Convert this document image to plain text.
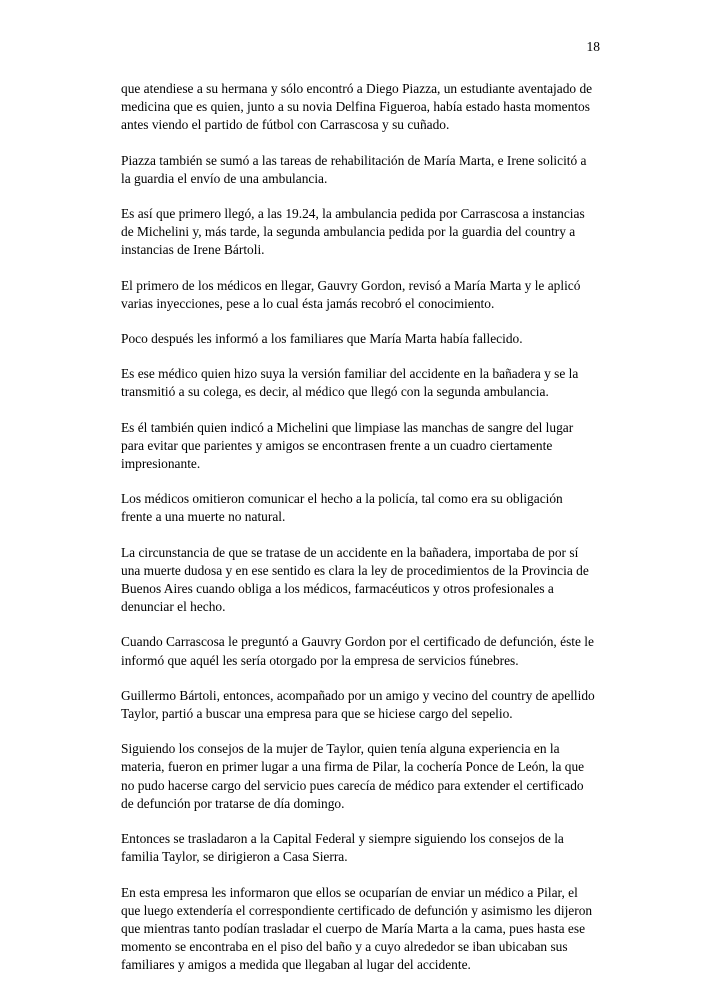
18

que atendiese a su hermana y sólo encontró a Diego Piazza, un estudiante aventajado de
medicina que es quien, junto a su novia Delfina Figueroa, había estado hasta momentos
antes viendo el partido de fútbol con Carrascosa y su cuñado.

Piazza también se sumó a las tareas de rehabilitación de María Marta, e Irene solicitó a
la guardia el envío de una ambulancia.

Es así que primero llegó, a las 19.24, la ambulancia pedida por Carrascosa a instancias
de Michelini y, más tarde, la segunda ambulancia pedida por la guardia del country a
instancias de Irene Bártoli.

El primero de los médicos en llegar, Gauvry Gordon, revisó a María Marta y le aplicó
varias inyecciones, pese a lo cual ésta jamás recobró el conocimiento.

Poco después les informó a los familiares que María Marta había fallecido.

Es ese médico quien hizo suya la versión familiar del accidente en la bañadera y se la
transmitió a su colega, es decir, al médico que llegó con la segunda ambulancia.

Es él también quien indicó a Michelini que limpiase las manchas de sangre del lugar
para evitar que parientes y amigos se encontrasen frente a un cuadro ciertamente
impresionante.

Los médicos omitieron comunicar el hecho a la policía, tal como era su obligación
frente a una muerte no natural.

La circunstancia de que se tratase de un accidente en la bañadera, importaba de por sí
una muerte dudosa y en ese sentido es clara la ley de procedimientos de la Provincia de
Buenos Aires cuando obliga a los médicos, farmacéuticos y otros profesionales a
denunciar el hecho.

Cuando Carrascosa le preguntó a Gauvry Gordon por el certificado de defunción, éste le
informó que aquél les sería otorgado por la empresa de servicios fúnebres.

Guillermo Bártoli, entonces, acompañado por un amigo y vecino del country de apellido
Taylor, partió a buscar una empresa para que se hiciese cargo del sepelio.

Siguiendo los consejos de la mujer de Taylor, quien tenía alguna experiencia en la
materia, fueron en primer lugar a una firma de Pilar, la cochería Ponce de León, la que
no pudo hacerse cargo del servicio pues carecía de médico para extender el certificado
de defunción por tratarse de día domingo.

Entonces se trasladaron a la Capital Federal y siempre siguiendo los consejos de la
familia Taylor, se dirigieron a Casa Sierra.

En esta empresa les informaron que ellos se ocuparían de enviar un médico a Pilar, el
que luego extendería el correspondiente certificado de defunción y asimismo les dijeron
que mientras tanto podían trasladar el cuerpo de María Marta a la cama, pues hasta ese
momento se encontraba en el piso del baño y a cuyo alrededor se iban ubicaban sus
familiares y amigos a medida que llegaban al lugar del accidente.
